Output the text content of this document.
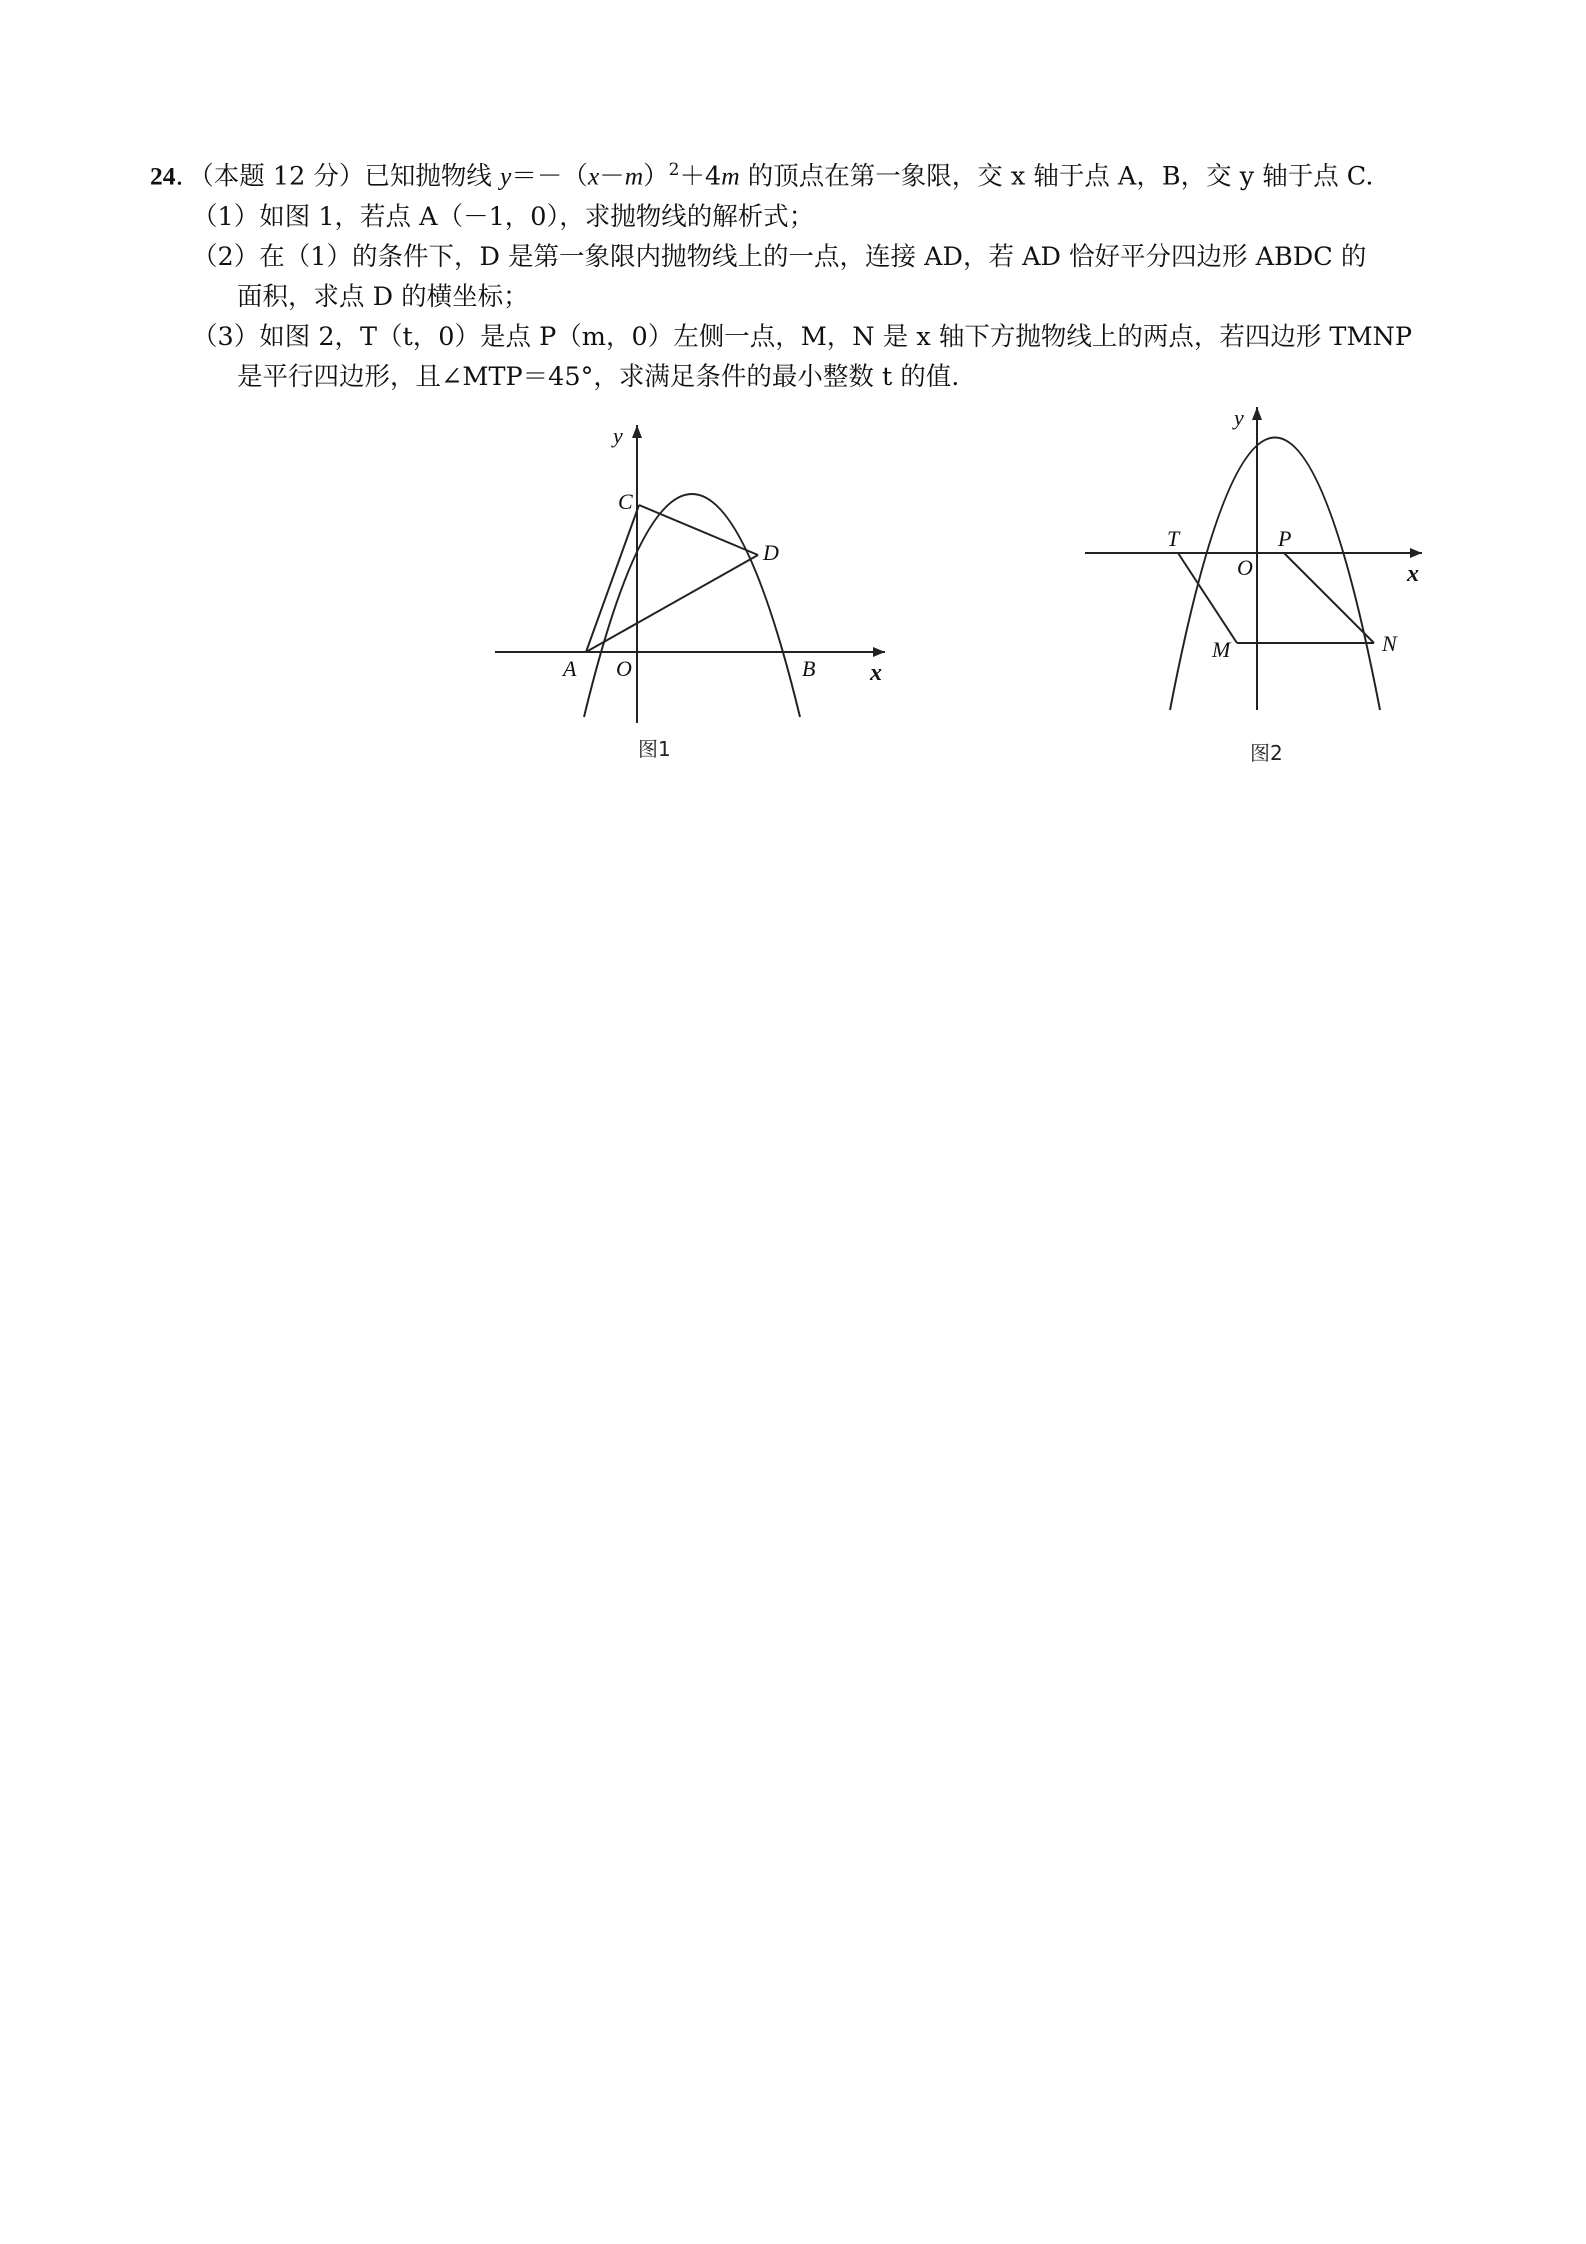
24．（本题 12 分）已知抛物线 $y=-(x-m)^2+4m$ 的顶点在第一象限，交 x 轴于点 A，B，交 y 轴于点 C.
（1）如图 1，若点 A（－1，0），求抛物线的解析式；
（2）在（1）的条件下，D 是第一象限内抛物线上的一点，连接 AD，若 AD 恰好平分四边形 ABDC 的
面积，求点 D 的横坐标；
（3）如图 2，T（t，0）是点 P（m，0）左侧一点，M，N 是 x 轴下方抛物线上的两点，若四边形 TMNP
是平行四边形，且∠MTP＝45°，求满足条件的最小整数 t 的值.
y
x
C
D
A O	B
图1
y
x
T	P
O
M	N
图2
